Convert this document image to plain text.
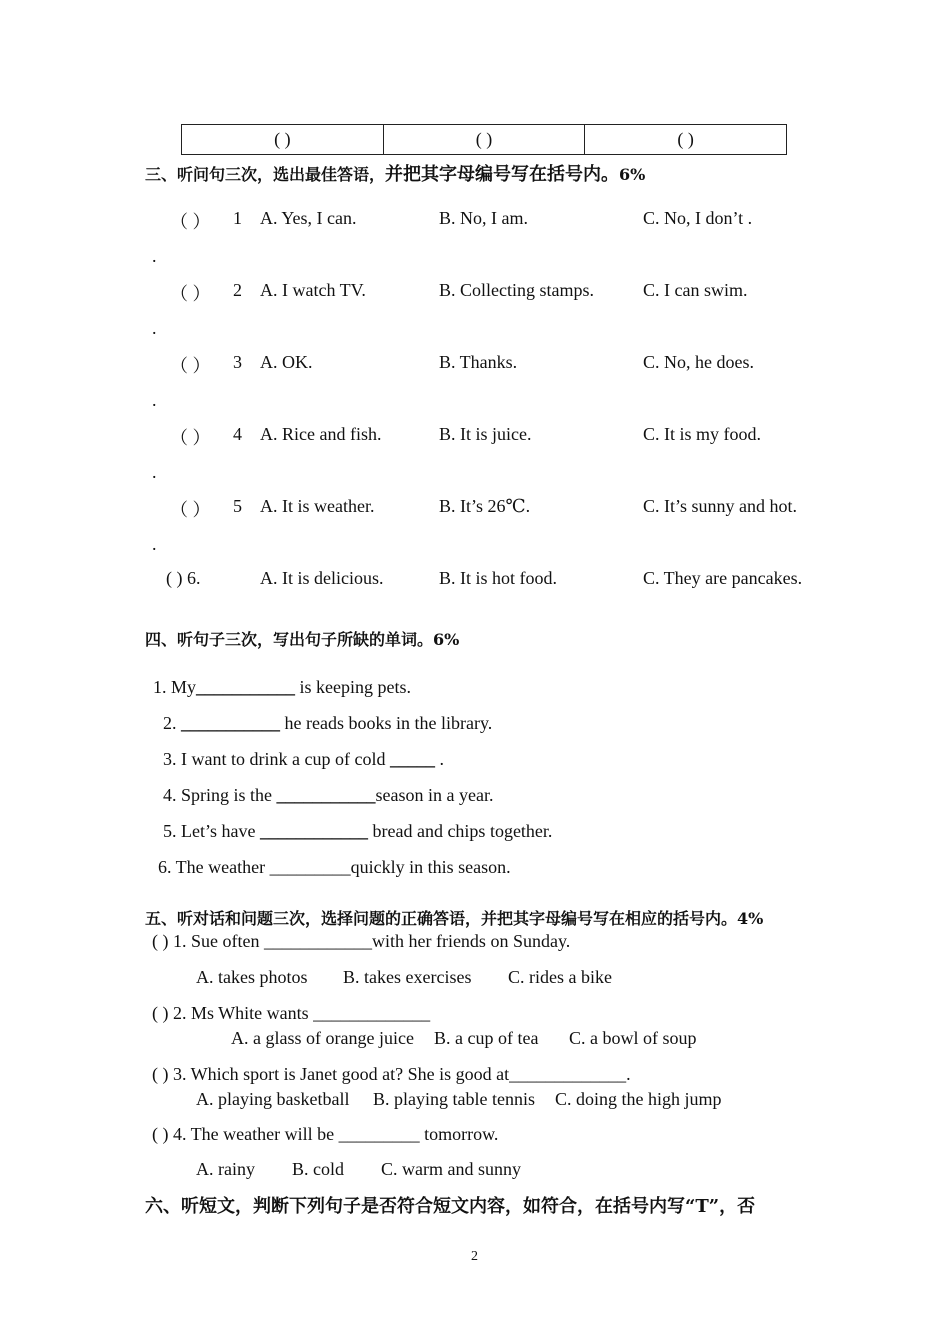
( )	( )	( )
三、听问句三次，选出最佳答语，并把其字母编号写在括号内。6%
（ ） 1 A. Yes, I can.	B. No, I am.	C. No, I don’t .
.
（ ） 2 A. I watch TV.	B. Collecting stamps.	C. I can swim.
.
（ ） 3 A. OK.	B. Thanks.	C. No, he does.
.
（ ） 4 A. Rice and fish.	B. It is juice.	C. It is my food.
.
（ ） 5 A. It is weather.	B. It’s 26℃.	C. It’s sunny and hot.
.
( ) 6.	A. It is delicious.	B. It is hot food.	C. They are pancakes.
四、听句子三次，写出句子所缺的单词。6%
1. My___________ is keeping pets.
2. ___________ he reads books in the library.
3. I want to drink a cup of cold _____ .
4. Spring is the ___________season in a year.
5. Let’s have ____________ bread and chips together.
6. The weather _________quickly in this season.
五、听对话和问题三次，选择问题的正确答语，并把其字母编号写在相应的括号内。4%
( ) 1. Sue often ____________with her friends on Sunday.
A. takes photos B. takes exercises C. rides a bike
( ) 2. Ms White wants _____________
A. a glass of orange juice B. a cup of tea C. a bowl of soup
( ) 3. Which sport is Janet good at? She is good at_____________.
A. playing basketball B. playing table tennis C. doing the high jump
( ) 4. The weather will be _________ tomorrow.
A. rainy B. cold C. warm and sunny
六、听短文，判断下列句子是否符合短文内容，如符合，在括号内写“T”，否
2
